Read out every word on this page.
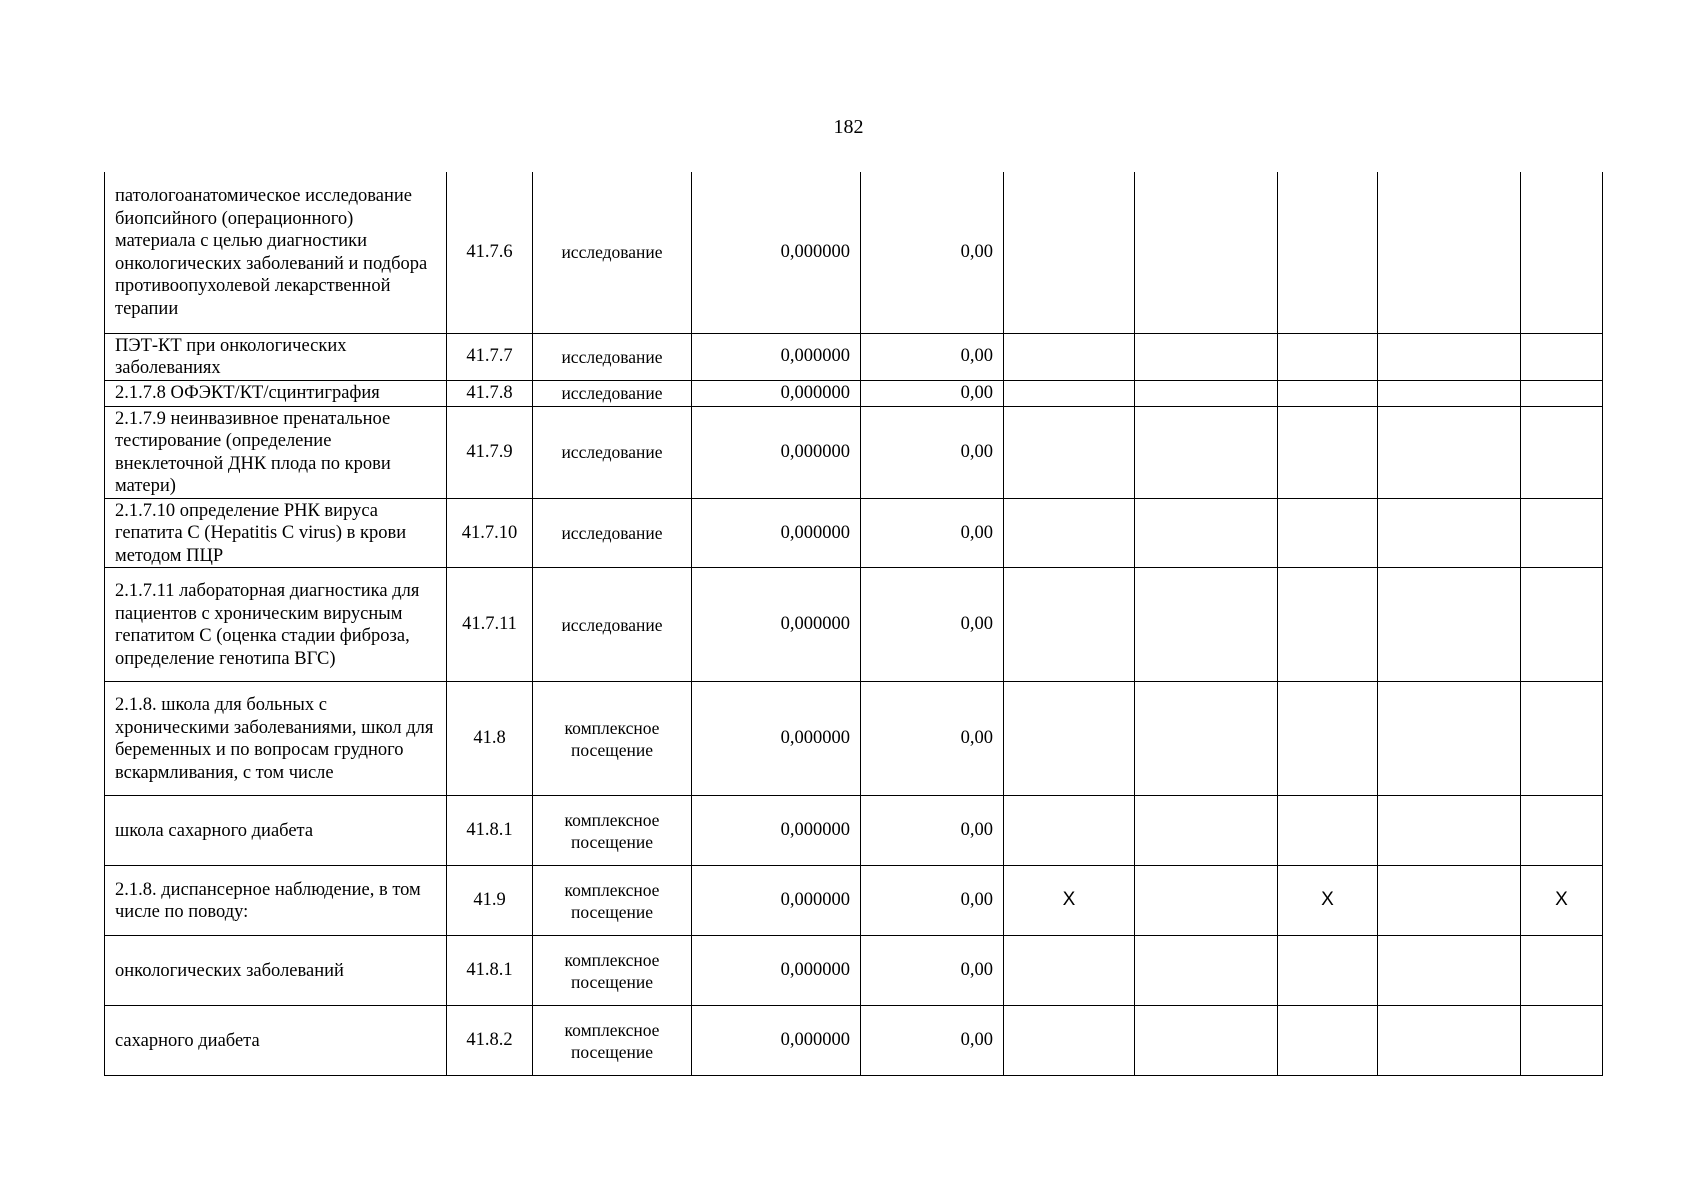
182
патологоанатомическое исследование биопсийного (операционного) материала с целью диагностики онкологических заболеваний и подбора противоопухолевой лекарственной терапии	41.7.6	исследование	0,000000	0,00					
ПЭТ-КТ при онкологических заболеваниях	41.7.7	исследование	0,000000	0,00					
2.1.7.8 ОФЭКТ/КТ/сцинтиграфия	41.7.8	исследование	0,000000	0,00					
2.1.7.9 неинвазивное пренатальное тестирование (определение внеклеточной ДНК плода по крови матери)	41.7.9	исследование	0,000000	0,00					
2.1.7.10 определение РНК вируса гепатита С (Hepatitis C virus) в крови методом ПЦР	41.7.10	исследование	0,000000	0,00					
2.1.7.11 лабораторная диагностика для пациентов с хроническим вирусным гепатитом С (оценка стадии фиброза, определение генотипа ВГС)	41.7.11	исследование	0,000000	0,00					
2.1.8. школа для больных с хроническими заболеваниями, школ для беременных и по вопросам грудного вскармливания, с том числе	41.8	комплексное посещение	0,000000	0,00					
школа сахарного диабета	41.8.1	комплексное посещение	0,000000	0,00					
2.1.8. диспансерное наблюдение, в том числе по поводу:	41.9	комплексное посещение	0,000000	0,00	X		X		X
онкологических заболеваний	41.8.1	комплексное посещение	0,000000	0,00					
сахарного диабета	41.8.2	комплексное посещение	0,000000	0,00					
